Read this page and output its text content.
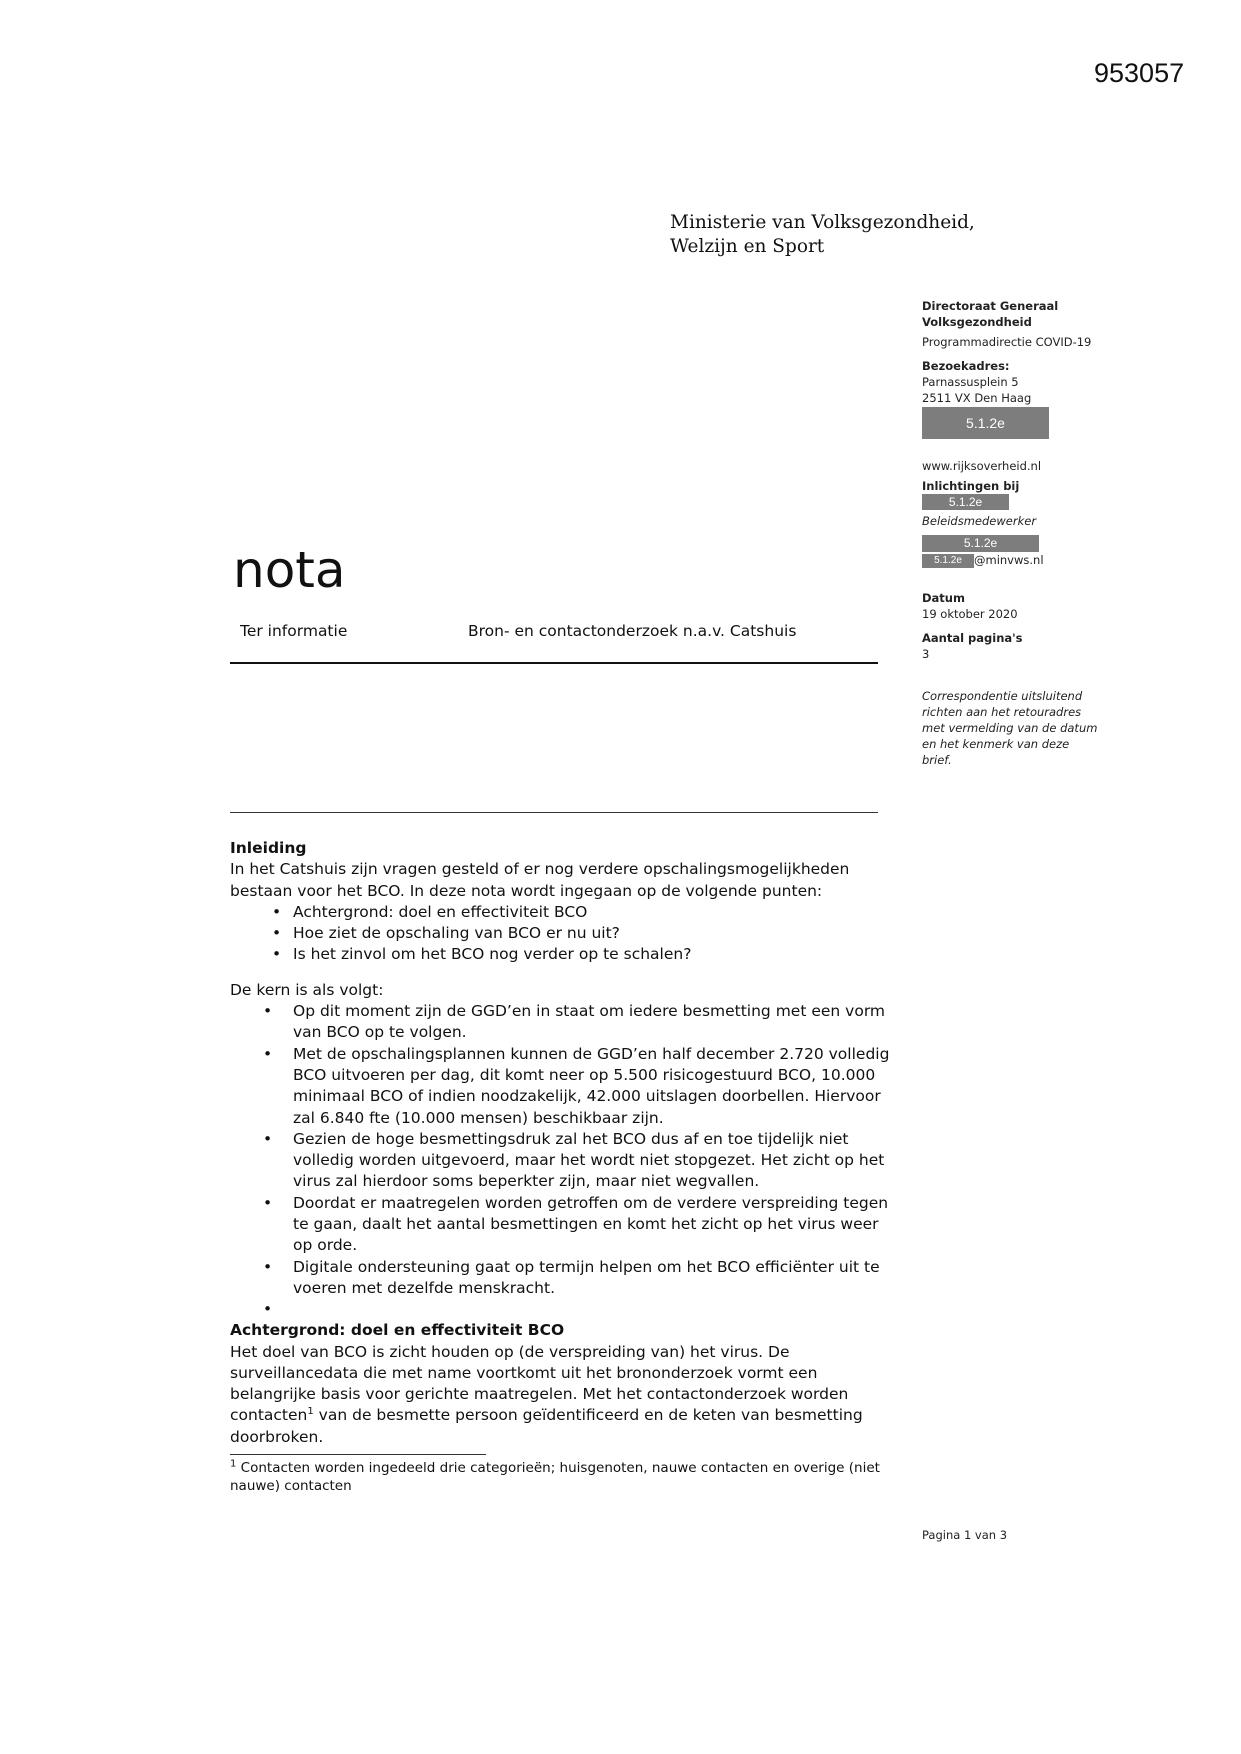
953057
Ministerie van Volksgezondheid,
Welzijn en Sport
Directoraat Generaal
Volksgezondheid
Programmadirectie COVID-19
Bezoekadres:
Parnassusplein 5
2511 VX Den Haag
5.1.2e
www.rijksoverheid.nl
Inlichtingen bij
5.1.2e
Beleidsmedewerker
5.1.2e
5.1.2e @minvws.nl
Datum
19 oktober 2020
Aantal pagina's
3
Correspondentie uitsluitend
richten aan het retouradres
met vermelding van de datum
en het kenmerk van deze
brief.
nota
Ter informatie	Bron- en contactonderzoek n.a.v. Catshuis
Inleiding

In het Catshuis zijn vragen gesteld of er nog verdere opschalingsmogelijkheden
bestaan voor het BCO. In deze nota wordt ingegaan op de volgende punten:

• Achtergrond: doel en effectiviteit BCO
• Hoe ziet de opschaling van BCO er nu uit?
• Is het zinvol om het BCO nog verder op te schalen?

De kern is als volgt:

• Op dit moment zijn de GGD’en in staat om iedere besmetting met een vorm van BCO op te volgen.
• Met de opschalingsplannen kunnen de GGD’en half december 2.720 volledig BCO uitvoeren per dag, dit komt neer op 5.500 risicogestuurd BCO, 10.000 minimaal BCO of indien noodzakelijk, 42.000 uitslagen doorbellen. Hiervoor zal 6.840 fte (10.000 mensen) beschikbaar zijn.
• Gezien de hoge besmettingsdruk zal het BCO dus af en toe tijdelijk niet volledig worden uitgevoerd, maar het wordt niet stopgezet. Het zicht op het virus zal hierdoor soms beperkter zijn, maar niet wegvallen.
• Doordat er maatregelen worden getroffen om de verdere verspreiding tegen te gaan, daalt het aantal besmettingen en komt het zicht op het virus weer op orde.
• Digitale ondersteuning gaat op termijn helpen om het BCO efficiënter uit te voeren met dezelfde menskracht.
•
Achtergrond: doel en effectiviteit BCO

Het doel van BCO is zicht houden op (de verspreiding van) het virus. De surveillancedata die met name voortkomt uit het brononderzoek vormt een belangrijke basis voor gerichte maatregelen. Met het contactonderzoek worden contacten$^1$ van de besmette persoon geïdentificeerd en de keten van besmetting doorbroken.

$^1$ Contacten worden ingedeeld drie categorieën; huisgenoten, nauwe contacten en overige (niet nauwe) contacten

Pagina 1 van 3
